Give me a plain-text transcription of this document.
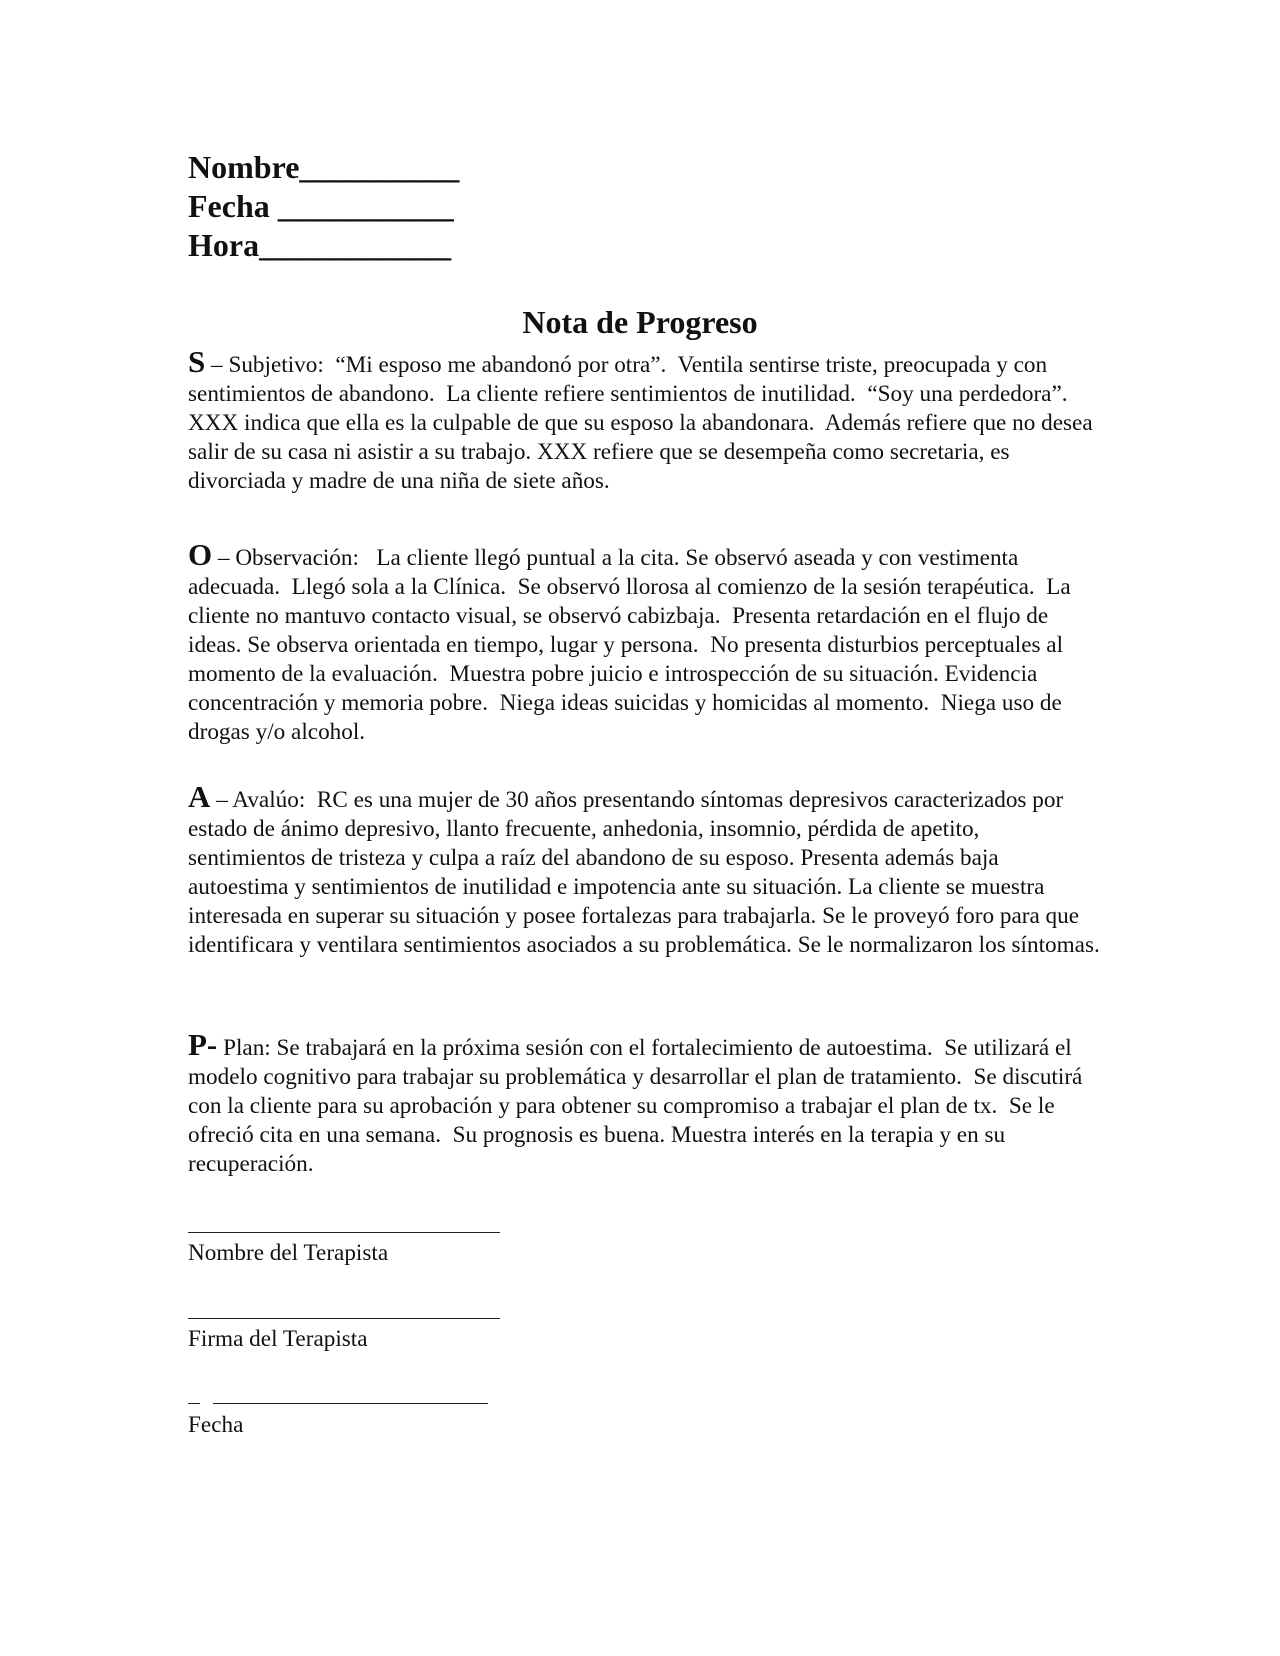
Nombre__________
Fecha ___________
Hora____________
Nota de Progreso

S – Subjetivo:  “Mi esposo me abandonó por otra”.  Ventila sentirse triste, preocupada y con sentimientos de abandono.  La cliente refiere sentimientos de inutilidad.  “Soy una perdedora”.  XXX indica que ella es la culpable de que su esposo la abandonara.  Además refiere que no desea salir de su casa ni asistir a su trabajo. XXX refiere que se desempeña como secretaria, es divorciada y madre de una niña de siete años.

O – Observación:   La cliente llegó puntual a la cita. Se observó aseada y con vestimenta adecuada.  Llegó sola a la Clínica.  Se observó llorosa al comienzo de la sesión terapéutica.  La cliente no mantuvo contacto visual, se observó cabizbaja.  Presenta retardación en el flujo de ideas. Se observa orientada en tiempo, lugar y persona.  No presenta disturbios perceptuales al momento de la evaluación.  Muestra pobre juicio e introspección de su situación. Evidencia concentración y memoria pobre.  Niega ideas suicidas y homicidas al momento.  Niega uso de drogas y/o alcohol.

A – Avalúo:  RC es una mujer de 30 años presentando síntomas depresivos caracterizados por estado de ánimo depresivo, llanto frecuente, anhedonia, insomnio, pérdida de apetito, sentimientos de tristeza y culpa a raíz del abandono de su esposo. Presenta además baja autoestima y sentimientos de inutilidad e impotencia ante su situación. La cliente se muestra interesada en superar su situación y posee fortalezas para trabajarla. Se le proveyó foro para que identificara y ventilara sentimientos asociados a su problemática. Se le normalizaron los síntomas.

P- Plan: Se trabajará en la próxima sesión con el fortalecimiento de autoestima.  Se utilizará el modelo cognitivo para trabajar su problemática y desarrollar el plan de tratamiento.  Se discutirá con la cliente para su aprobación y para obtener su compromiso a trabajar el plan de tx.  Se le ofreció cita en una semana.  Su prognosis es buena. Muestra interés en la terapia y en su recuperación.

Nombre del Terapista
Firma del Terapista
Fecha
